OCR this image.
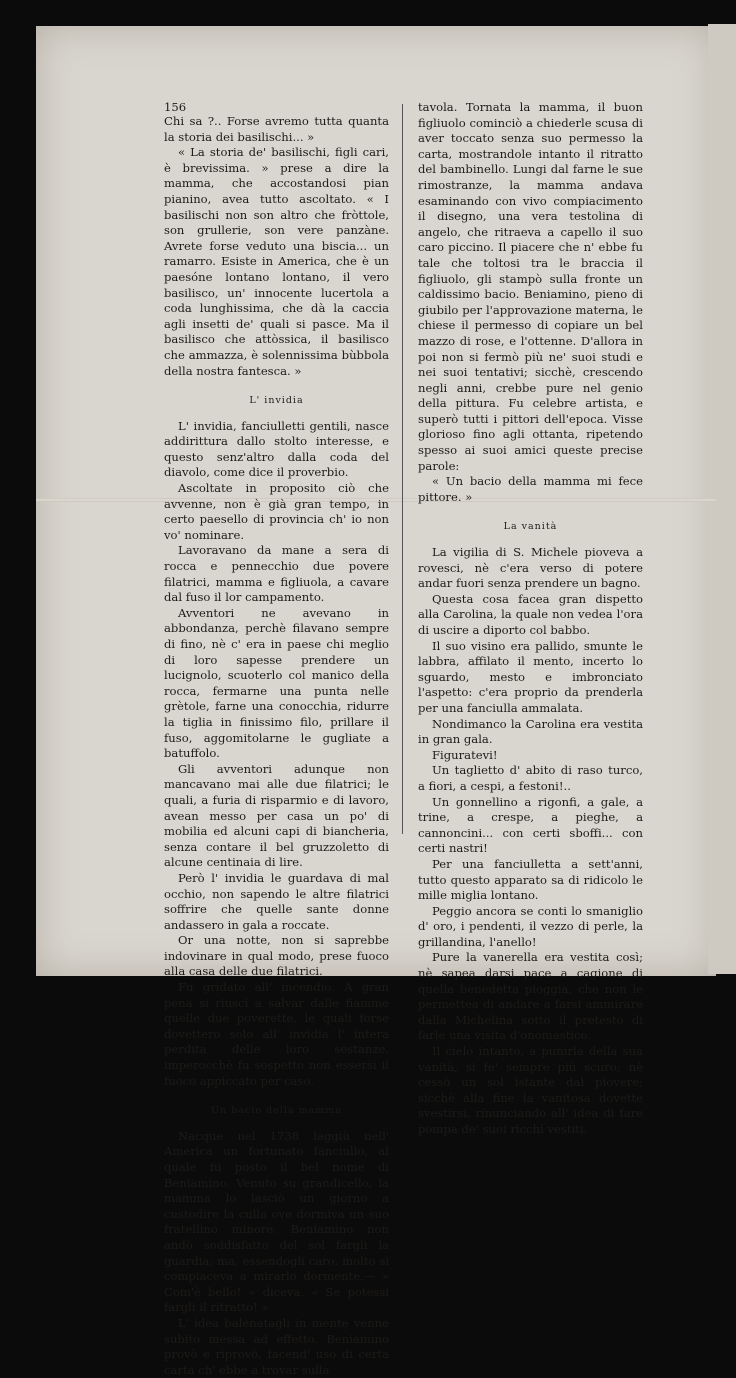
156

Chi sa ?.. Forse avremo tutta quanta la storia dei basilischi... »

« La storia de' basilischi, figli cari, è brevissima. » prese a dire la mamma, che accostandosi pian pianino, avea tutto ascoltato. « I basilischi non son altro che fròttole, son grullerie, son vere panzàne. Avrete forse veduto una biscia... un ramarro. Esiste in America, che è un paesóne lontano lontano, il vero basilisco, un' innocente lucertola a coda lunghissima, che dà la caccia agli insetti de' quali si pasce. Ma il basilisco che attòssica, il basilisco che ammazza, è solennissima bùbbola della nostra fantesca. »

L' invidia

L' invidia, fanciulletti gentili, nasce addirittura dallo stolto interesse, e questo senz'altro dalla coda del diavolo, come dice il proverbio.

Ascoltate in proposito ciò che avvenne, non è già gran tempo, in certo paesello di provincia ch' io non vo' nominare.

Lavoravano da mane a sera di rocca e pennecchio due povere filatrici, mamma e figliuola, a cavare dal fuso il lor campamento.

Avventori ne avevano in abbondanza, perchè filavano sempre di fino, nè c' era in paese chi meglio di loro sapesse prendere un lucignolo, scuoterlo col manico della rocca, fermarne una punta nelle grètole, farne una conocchia, ridurre la tiglia in finissimo filo, prillare il fuso, aggomitolarne le gugliate a batuffolo.

Gli avventori adunque non mancavano mai alle due filatrici; le quali, a furia di risparmio e di lavoro, avean messo per casa un po' di mobilia ed alcuni capi di biancheria, senza contare il bel gruzzoletto di alcune centinaia di lire.

Però l' invidia le guardava di mal occhio, non sapendo le altre filatrici soffrire che quelle sante donne andassero in gala a roccate.

Or una notte, non si saprebbe indovinare in qual modo, prese fuoco alla casa delle due filatrici.

Fu gridato all' incendio. A gran pena si riuscì a salvar dalle fiamme quelle due poverette, le quali forse dovettero solo all' invidia l' intera perdita delle loro sostanze, imperocchè fu sospetto non essersi il fuoco appiccato per caso.

Un bacio della mamma

Nacque nel 1738 laggiù nell' America un fortunato fanciullo, al quale fu posto il bel nome di Beniamino. Venuto su grandicello, la mamma lo lasciò un giorno a custodire la culla ove dormiva un suo fratellino minore. Beniamino non andò soddisfatto del sol fargli la guardia; ma, essendogli caro, molto si compiaceva a mirarlo dormente.— » Com'è bello! » diceva. « Se potessi fargli il ritratto! »

L' idea balenatagli in mente venne subito messa ad effetto. Beniamino provò e riprovò, facend' uso di certa carta ch' ebbe a trovar sulla

tavola. Tornata la mamma, il buon figliuolo cominciò a chiederle scusa di aver toccato senza suo permesso la carta, mostrandole intanto il ritratto del bambinello. Lungi dal farne le sue rimostranze, la mamma andava esaminando con vivo compiacimento il disegno, una vera testolina di angelo, che ritraeva a capello il suo caro piccino. Il piacere che n' ebbe fu tale che toltosi tra le braccia il figliuolo, gli stampò sulla fronte un caldissimo bacio. Beniamino, pieno di giubilo per l'approvazione materna, le chiese il permesso di copiare un bel mazzo di rose, e l'ottenne. D'allora in poi non si fermò più ne' suoi studi e nei suoi tentativi; sicchè, crescendo negli anni, crebbe pure nel genio della pittura. Fu celebre artista, e superò tutti i pittori dell'epoca. Visse glorioso fino agli ottanta, ripetendo spesso ai suoi amici queste precise parole:

« Un bacio della mamma mi fece pittore. »

La vanità

La vigilia di S. Michele pioveva a rovesci, nè c'era verso di potere andar fuori senza prendere un bagno.

Questa cosa facea gran dispetto alla Carolina, la quale non vedea l'ora di uscire a diporto col babbo.

Il suo visino era pallido, smunte le labbra, affilato il mento, incerto lo sguardo, mesto e imbronciato l'aspetto: c'era proprio da prenderla per una fanciulla ammalata.

Nondimanco la Carolina era vestita in gran gala.

Figuratevi!

Un taglietto d' abito di raso turco, a fiori, a cespi, a festoni!..

Un gonnellino a rigonfi, a gale, a trine, a crespe, a pieghe, a cannoncini... con certi sboffi... con certi nastri!

Per una fanciulletta a sett'anni, tutto questo apparato sa di ridicolo le mille miglia lontano.

Peggio ancora se conti lo smaniglio d' oro, i pendenti, il vezzo di perle, la grillandina, l'anello!

Pure la vanerella era vestita così; nè sapea darsi pace a cagione di quella benedetta pioggia, che non le permettea di andare a farsi ammirare dalla Michelina sotto il pretesto di farle una visita d'onomastico.

Il cielo intanto, a punirla della sua vanità, si fe' sempre più scuro; nè cessò un sol istante dal piovere; sicchè alla fine la vanitosa dovette svestirsi, rinunciando all' idea di fare pompa de' suoi ricchi vestiti.
